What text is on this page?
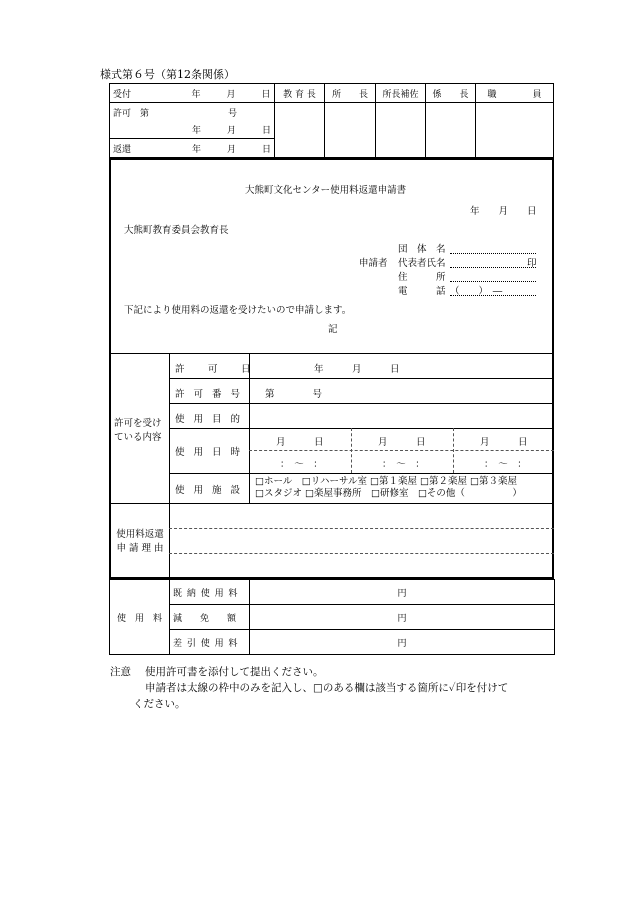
様式第６号（第12条関係）
受付 年 月 日	教 育 長	所　　長	所長補佐	係　　長	職　　　　員

許可　第 号
年 月 日					

返還 年 月 日					
大熊町文化センター使用料返還申請書
年　　月　　日
大熊町教育委員会教育長
団　体　名
申請者 代表者氏名	印
住　　　所
電　　　話 （　　）　―
下記により使用料の返還を受けたいので申請します。
記
許可を受け
ている内容
使用料返還
申 請 理 由
許　可　日	年　　　月　　　日
許 可 番 号 第　　　　号
使 用 目 的
使 用 日 時
月　　　日	月　　　日	月　　　日
：　〜　：	：　〜　：	：　〜　：
使 用 施 設
□ホール　□リハーサル室 □第１楽屋 □第２楽屋 □第３楽屋
□スタジオ □楽屋事務所　□研修室　□その他（　　　　　）
使　用　料	既 納 使 用 料	円
	減　　免　　額	円
	差 引 使 用 料	円
注意 使用許可書を添付して提出ください。
申請者は太線の枠中のみを記入し、□のある欄は該当する箇所に✓印を付けて
ください。
